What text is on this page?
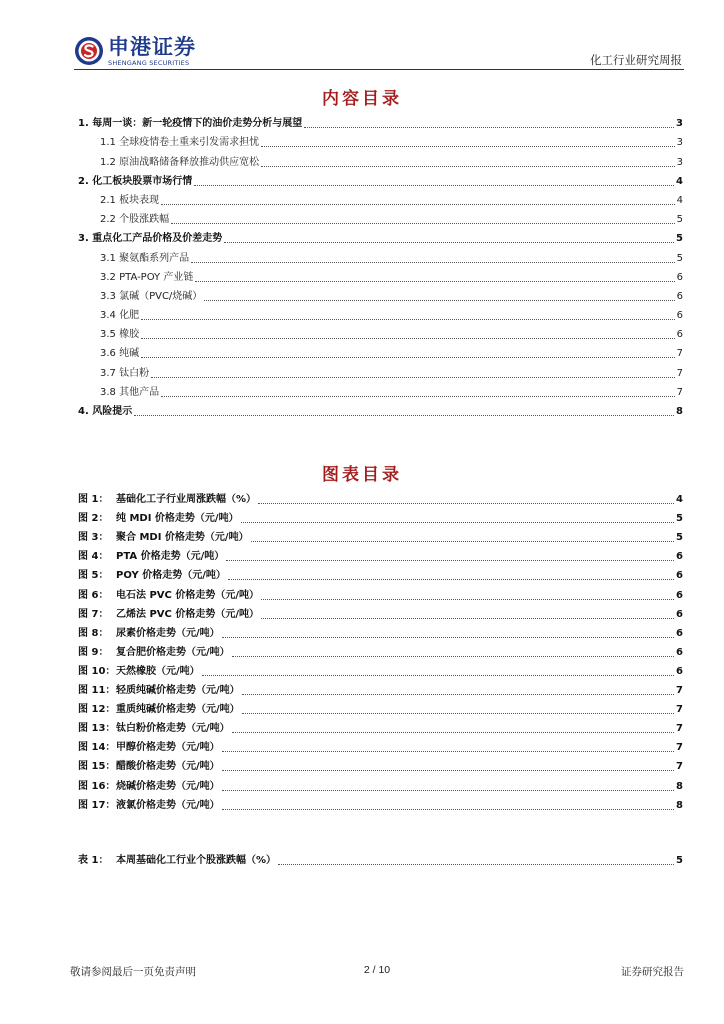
申港证券
SHENGANG SECURITIES	化工行业研究周报
内容目录
1. 每周一谈：新一轮疫情下的油价走势分析与展望	3
1.1 全球疫情卷土重来引发需求担忧	3
1.2 原油战略储备释放推动供应宽松	3
2. 化工板块股票市场行情	4
2.1 板块表现	4
2.2 个股涨跌幅	5
3. 重点化工产品价格及价差走势	5
3.1 聚氨酯系列产品	5
3.2 PTA-POY 产业链	6
3.3 氯碱（PVC/烧碱）	6
3.4 化肥	6
3.5 橡胶	6
3.6 纯碱	7
3.7 钛白粉	7
3.8 其他产品	7
4. 风险提示	8
图表目录
图 1： 基础化工子行业周涨跌幅（%）	4
图 2： 纯 MDI 价格走势（元/吨）	5
图 3： 聚合 MDI 价格走势（元/吨）	5
图 4： PTA 价格走势（元/吨）	6
图 5： POY 价格走势（元/吨）	6
图 6： 电石法 PVC 价格走势（元/吨）	6
图 7： 乙烯法 PVC 价格走势（元/吨）	6
图 8： 尿素价格走势（元/吨）	6
图 9： 复合肥价格走势（元/吨）	6
图 10： 天然橡胶（元/吨）	6
图 11： 轻质纯碱价格走势（元/吨）	7
图 12： 重质纯碱价格走势（元/吨）	7
图 13： 钛白粉价格走势（元/吨）	7
图 14： 甲醇价格走势（元/吨）	7
图 15： 醋酸价格走势（元/吨）	7
图 16： 烧碱价格走势（元/吨）	8
图 17： 液氯价格走势（元/吨）	8
表 1： 本周基础化工行业个股涨跌幅（%）	5
敬请参阅最后一页免责声明	2 / 10	证券研究报告
